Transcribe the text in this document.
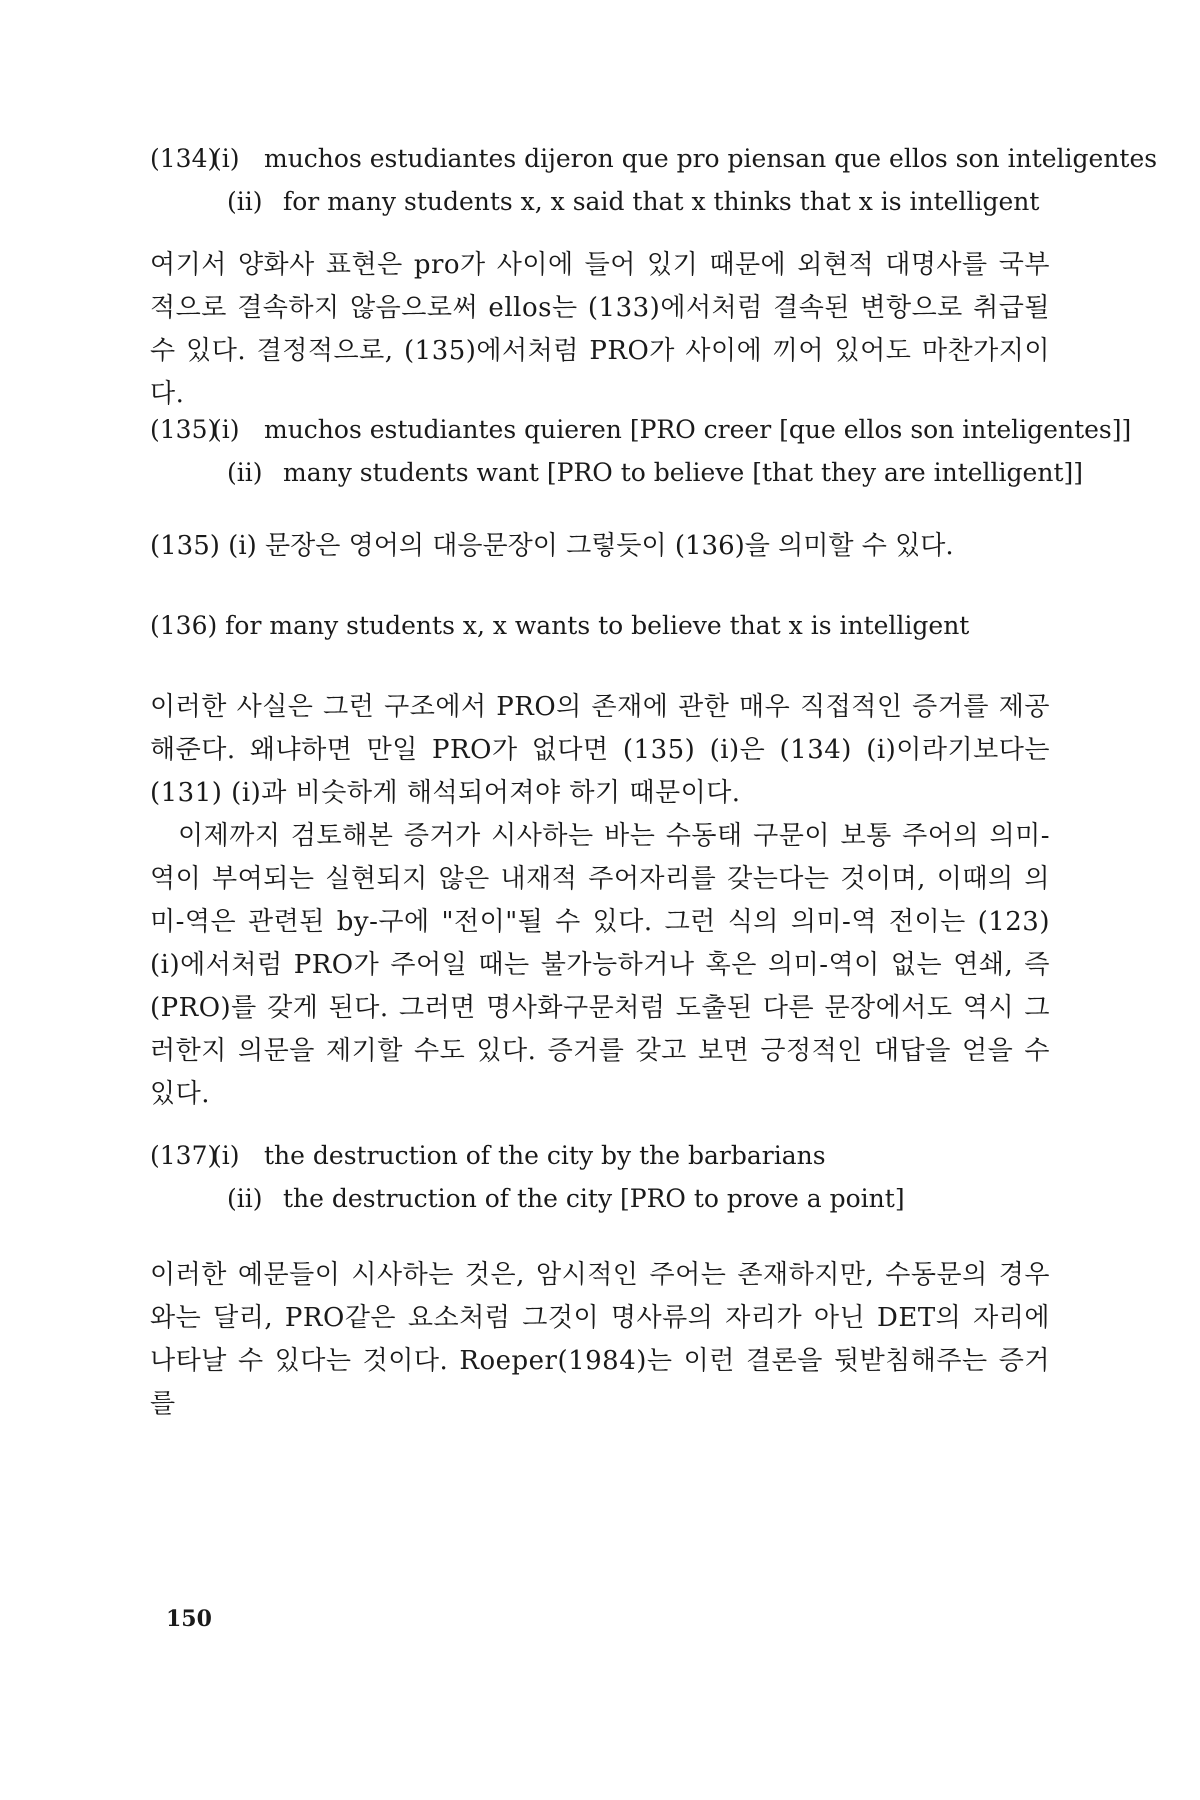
(134)
(i) muchos estudiantes dijeron que pro piensan que ellos son inteligentes
(ii) for many students x, x said that x thinks that x is intelligent

여기서 양화사 표현은 pro가 사이에 들어 있기 때문에 외현적 대명사를 국부적으로 결속하지 않음으로써 ellos는 (133)에서처럼 결속된 변항으로 취급될 수 있다. 결정적으로, (135)에서처럼 PRO가 사이에 끼어 있어도 마찬가지이다.

(135)
(i) muchos estudiantes quieren [PRO creer [que ellos son inteligentes]]
(ii) many students want [PRO to believe [that they are intelligent]]
(135) (i) 문장은 영어의 대응문장이 그렇듯이 (136)을 의미할 수 있다.
(136) for many students x, x wants to believe that x is intelligent

이러한 사실은 그런 구조에서 PRO의 존재에 관한 매우 직접적인 증거를 제공해준다. 왜냐하면 만일 PRO가 없다면 (135) (i)은 (134) (i)이라기보다는 (131) (i)과 비슷하게 해석되어져야 하기 때문이다.

이제까지 검토해본 증거가 시사하는 바는 수동태 구문이 보통 주어의 의미-역이 부여되는 실현되지 않은 내재적 주어자리를 갖는다는 것이며, 이때의 의미-역은 관련된 by-구에 "전이"될 수 있다. 그런 식의 의미-역 전이는 (123) (i)에서처럼 PRO가 주어일 때는 불가능하거나 혹은 의미-역이 없는 연쇄, 즉 (PRO)를 갖게 된다. 그러면 명사화구문처럼 도출된 다른 문장에서도 역시 그러한지 의문을 제기할 수도 있다. 증거를 갖고 보면 긍정적인 대답을 얻을 수 있다.

(137)
(i) the destruction of the city by the barbarians
(ii) the destruction of the city [PRO to prove a point]

이러한 예문들이 시사하는 것은, 암시적인 주어는 존재하지만, 수동문의 경우와는 달리, PRO같은 요소처럼 그것이 명사류의 자리가 아닌 DET의 자리에 나타날 수 있다는 것이다. Roeper(1984)는 이런 결론을 뒷받침해주는 증거를

150
